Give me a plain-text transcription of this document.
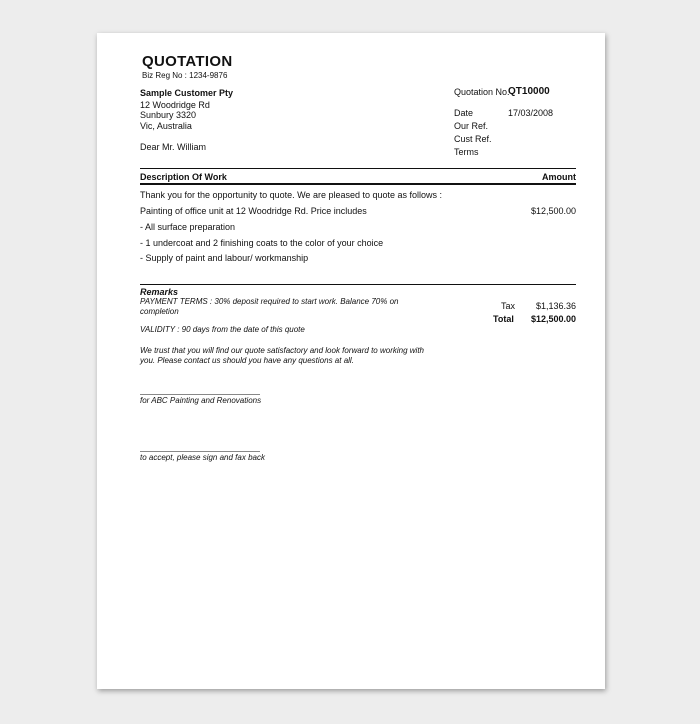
QUOTATION
Biz Reg No : 1234-9876
Sample Customer Pty
12 Woodridge Rd
Sunbury 3320
Vic, Australia
Dear Mr. William
Quotation No.
QT10000
Date	17/03/2008
Our Ref.
Cust Ref.
Terms
Description Of Work	Amount
Thank you for the opportunity to quote. We are pleased to quote as follows :
Painting of office unit at 12 Woodridge Rd. Price includes	$12,500.00
- All surface preparation
- 1 undercoat and 2 finishing coats to the color of your choice
- Supply of paint and labour/ workmanship
Remarks
PAYMENT TERMS : 30% deposit required to start work. Balance 70% on
completion
VALIDITY : 90 days from the date of this quote
We trust that you will find our quote satisfactory and look forward to working with
you. Please contact us should you have any questions at all.
Tax $1,136.36
Total $12,500.00
for ABC Painting and Renovations
to accept, please sign and fax back
